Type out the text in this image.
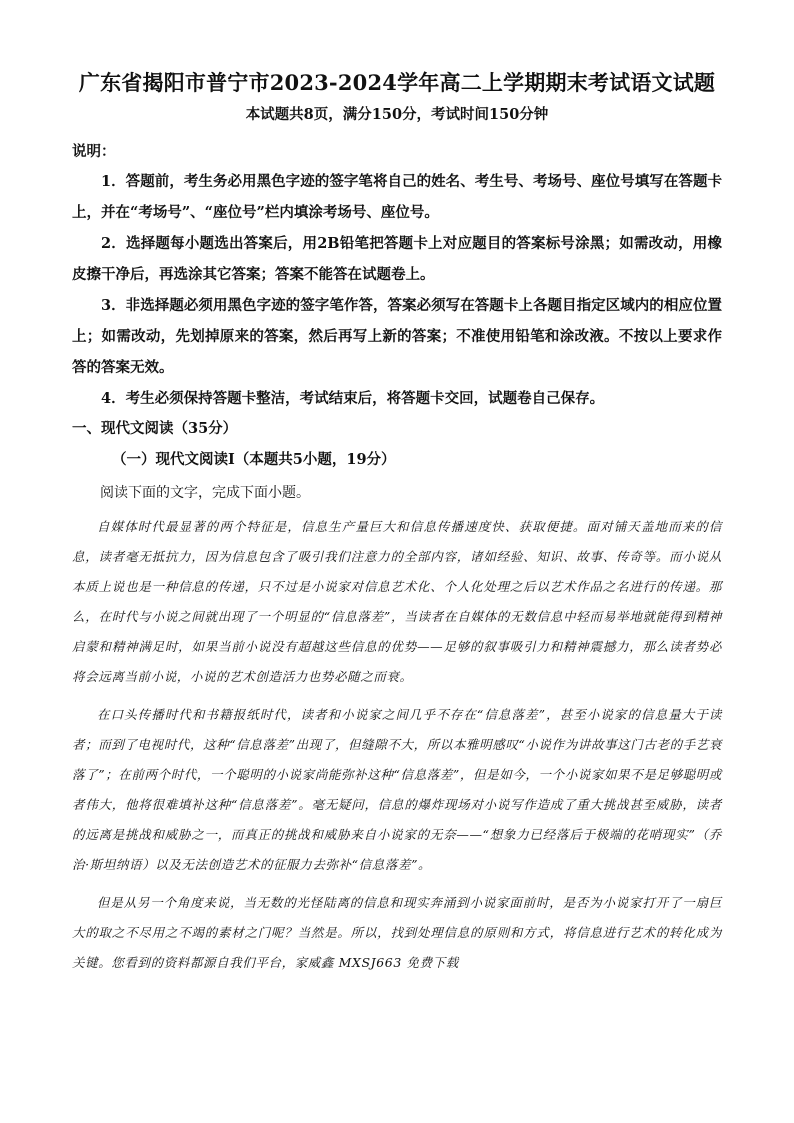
广东省揭阳市普宁市2023-2024学年高二上学期期末考试语文试题
本试题共8页，满分150分，考试时间150分钟
说明：

1．答题前，考生务必用黑色字迹的签字笔将自己的姓名、考生号、考场号、座位号填写在答题卡上，并在“考场号”、“座位号”栏内填涂考场号、座位号。

2．选择题每小题选出答案后，用2B铅笔把答题卡上对应题目的答案标号涂黑；如需改动，用橡皮擦干净后，再选涂其它答案；答案不能答在试题卷上。

3．非选择题必须用黑色字迹的签字笔作答，答案必须写在答题卡上各题目指定区域内的相应位置上；如需改动，先划掉原来的答案，然后再写上新的答案；不准使用铅笔和涂改液。不按以上要求作答的答案无效。

4．考生必须保持答题卡整洁，考试结束后，将答题卡交回，试题卷自己保存。

一、现代文阅读（35分）
（一）现代文阅读Ⅰ（本题共5小题，19分）

阅读下面的文字，完成下面小题。

自媒体时代最显著的两个特征是，信息生产量巨大和信息传播速度快、获取便捷。面对铺天盖地而来的信息，读者毫无抵抗力，因为信息包含了吸引我们注意力的全部内容，诸如经验、知识、故事、传奇等。而小说从本质上说也是一种信息的传递，只不过是小说家对信息艺术化、个人化处理之后以艺术作品之名进行的传递。那么，在时代与小说之间就出现了一个明显的“信息落差”，当读者在自媒体的无数信息中轻而易举地就能得到精神启蒙和精神满足时，如果当前小说没有超越这些信息的优势——足够的叙事吸引力和精神震撼力，那么读者势必将会远离当前小说，小说的艺术创造活力也势必随之而衰。

在口头传播时代和书籍报纸时代，读者和小说家之间几乎不存在“信息落差”，甚至小说家的信息量大于读者；而到了电视时代，这种“信息落差”出现了，但缝隙不大，所以本雅明感叹“小说作为讲故事这门古老的手艺衰落了”；在前两个时代，一个聪明的小说家尚能弥补这种“信息落差”，但是如今，一个小说家如果不是足够聪明或者伟大，他将很难填补这种“信息落差”。毫无疑问，信息的爆炸现场对小说写作造成了重大挑战甚至威胁，读者的远离是挑战和威胁之一，而真正的挑战和威胁来自小说家的无奈——“想象力已经落后于极端的花哨现实”（乔治·斯坦纳语）以及无法创造艺术的征服力去弥补“信息落差”。

但是从另一个角度来说，当无数的光怪陆离的信息和现实奔涌到小说家面前时，是否为小说家打开了一扇巨大的取之不尽用之不竭的素材之门呢？当然是。所以，找到处理信息的原则和方式，将信息进行艺术的转化成为关键。您看到的资料都源自我们平台，家威鑫 MXSJ663 免费下载
